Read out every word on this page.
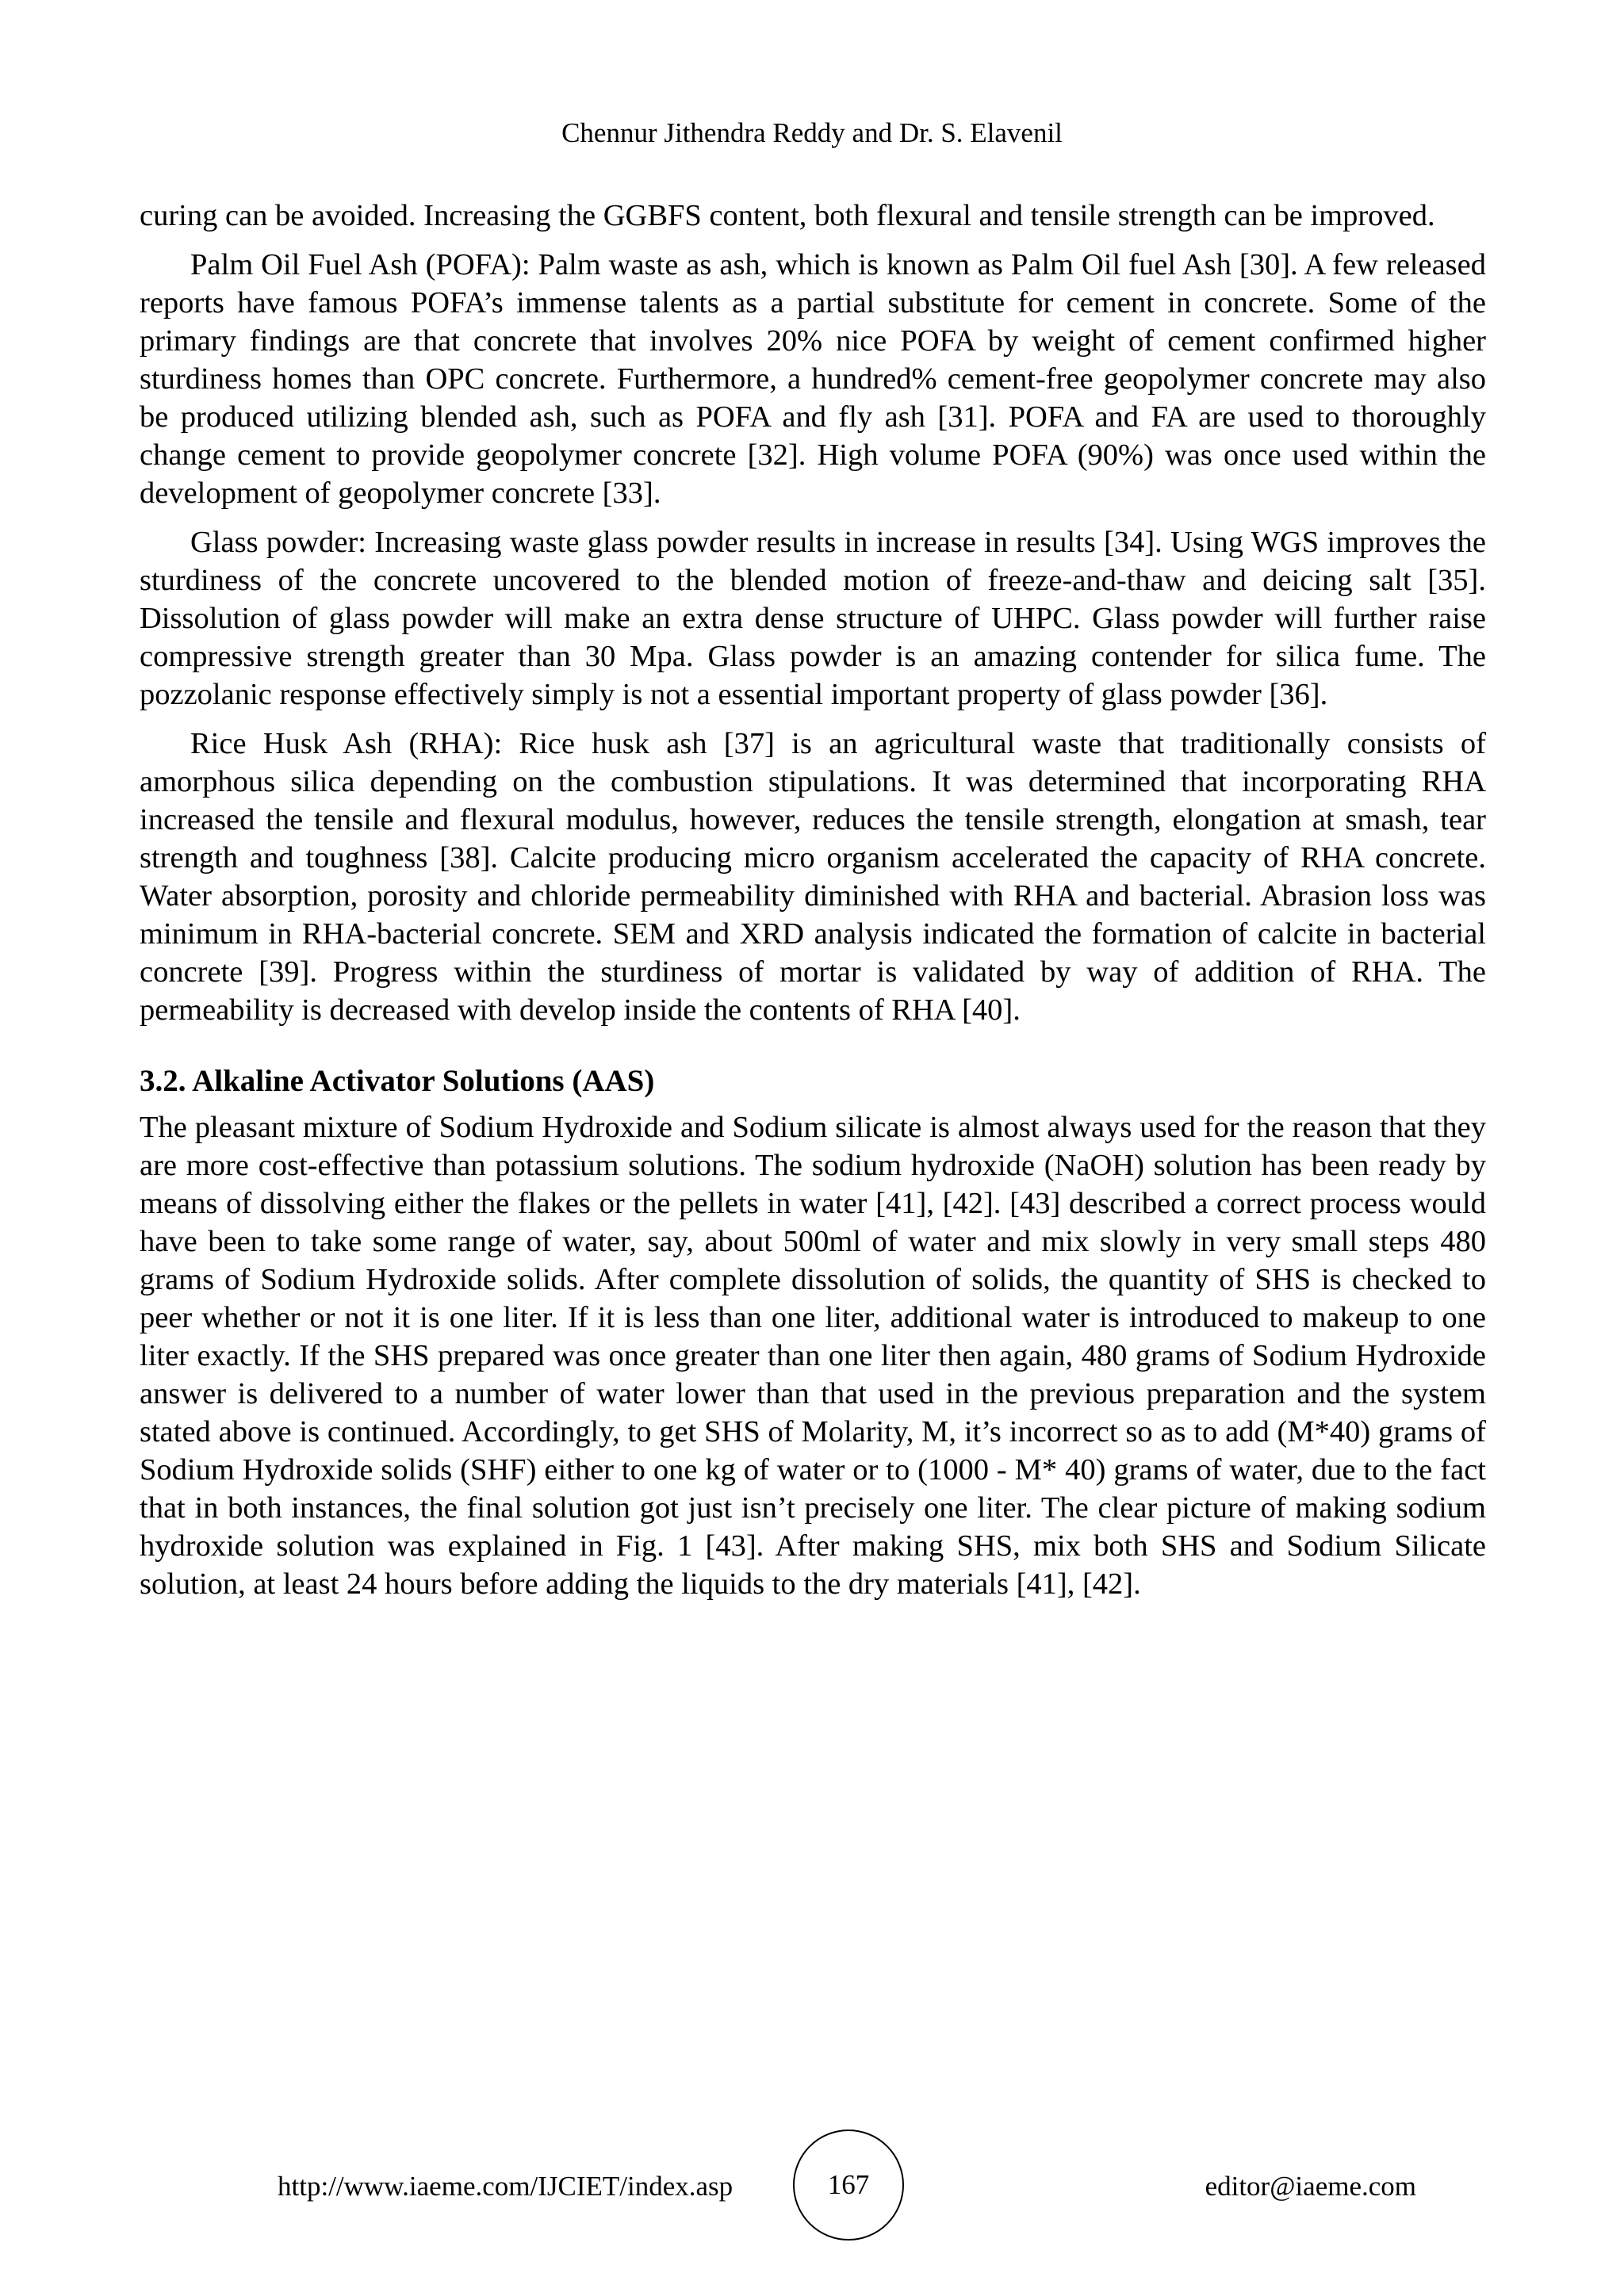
Chennur Jithendra Reddy and Dr. S. Elavenil

curing can be avoided. Increasing the GGBFS content, both flexural and tensile strength can be improved.

Palm Oil Fuel Ash (POFA): Palm waste as ash, which is known as Palm Oil fuel Ash [30]. A few released reports have famous POFA’s immense talents as a partial substitute for cement in concrete. Some of the primary findings are that concrete that involves 20% nice POFA by weight of cement confirmed higher sturdiness homes than OPC concrete. Furthermore, a hundred% cement-free geopolymer concrete may also be produced utilizing blended ash, such as POFA and fly ash [31]. POFA and FA are used to thoroughly change cement to provide geopolymer concrete [32]. High volume POFA (90%) was once used within the development of geopolymer concrete [33].

Glass powder: Increasing waste glass powder results in increase in results [34]. Using WGS improves the sturdiness of the concrete uncovered to the blended motion of freeze-and-thaw and deicing salt [35]. Dissolution of glass powder will make an extra dense structure of UHPC. Glass powder will further raise compressive strength greater than 30 Mpa. Glass powder is an amazing contender for silica fume. The pozzolanic response effectively simply is not a essential important property of glass powder [36].

Rice Husk Ash (RHA): Rice husk ash [37] is an agricultural waste that traditionally consists of amorphous silica depending on the combustion stipulations. It was determined that incorporating RHA increased the tensile and flexural modulus, however, reduces the tensile strength, elongation at smash, tear strength and toughness [38]. Calcite producing micro organism accelerated the capacity of RHA concrete. Water absorption, porosity and chloride permeability diminished with RHA and bacterial. Abrasion loss was minimum in RHA-bacterial concrete. SEM and XRD analysis indicated the formation of calcite in bacterial concrete [39]. Progress within the sturdiness of mortar is validated by way of addition of RHA. The permeability is decreased with develop inside the contents of RHA [40].

3.2. Alkaline Activator Solutions (AAS)

The pleasant mixture of Sodium Hydroxide and Sodium silicate is almost always used for the reason that they are more cost-effective than potassium solutions. The sodium hydroxide (NaOH) solution has been ready by means of dissolving either the flakes or the pellets in water [41], [42]. [43] described a correct process would have been to take some range of water, say, about 500ml of water and mix slowly in very small steps 480 grams of Sodium Hydroxide solids. After complete dissolution of solids, the quantity of SHS is checked to peer whether or not it is one liter. If it is less than one liter, additional water is introduced to makeup to one liter exactly. If the SHS prepared was once greater than one liter then again, 480 grams of Sodium Hydroxide answer is delivered to a number of water lower than that used in the previous preparation and the system stated above is continued. Accordingly, to get SHS of Molarity, M, it’s incorrect so as to add (M*40) grams of Sodium Hydroxide solids (SHF) either to one kg of water or to (1000 - M* 40) grams of water, due to the fact that in both instances, the final solution got just isn’t precisely one liter. The clear picture of making sodium hydroxide solution was explained in Fig. 1 [43]. After making SHS, mix both SHS and Sodium Silicate solution, at least 24 hours before adding the liquids to the dry materials [41], [42].

http://www.iaeme.com/IJCIET/index.asp	167	editor@iaeme.com
